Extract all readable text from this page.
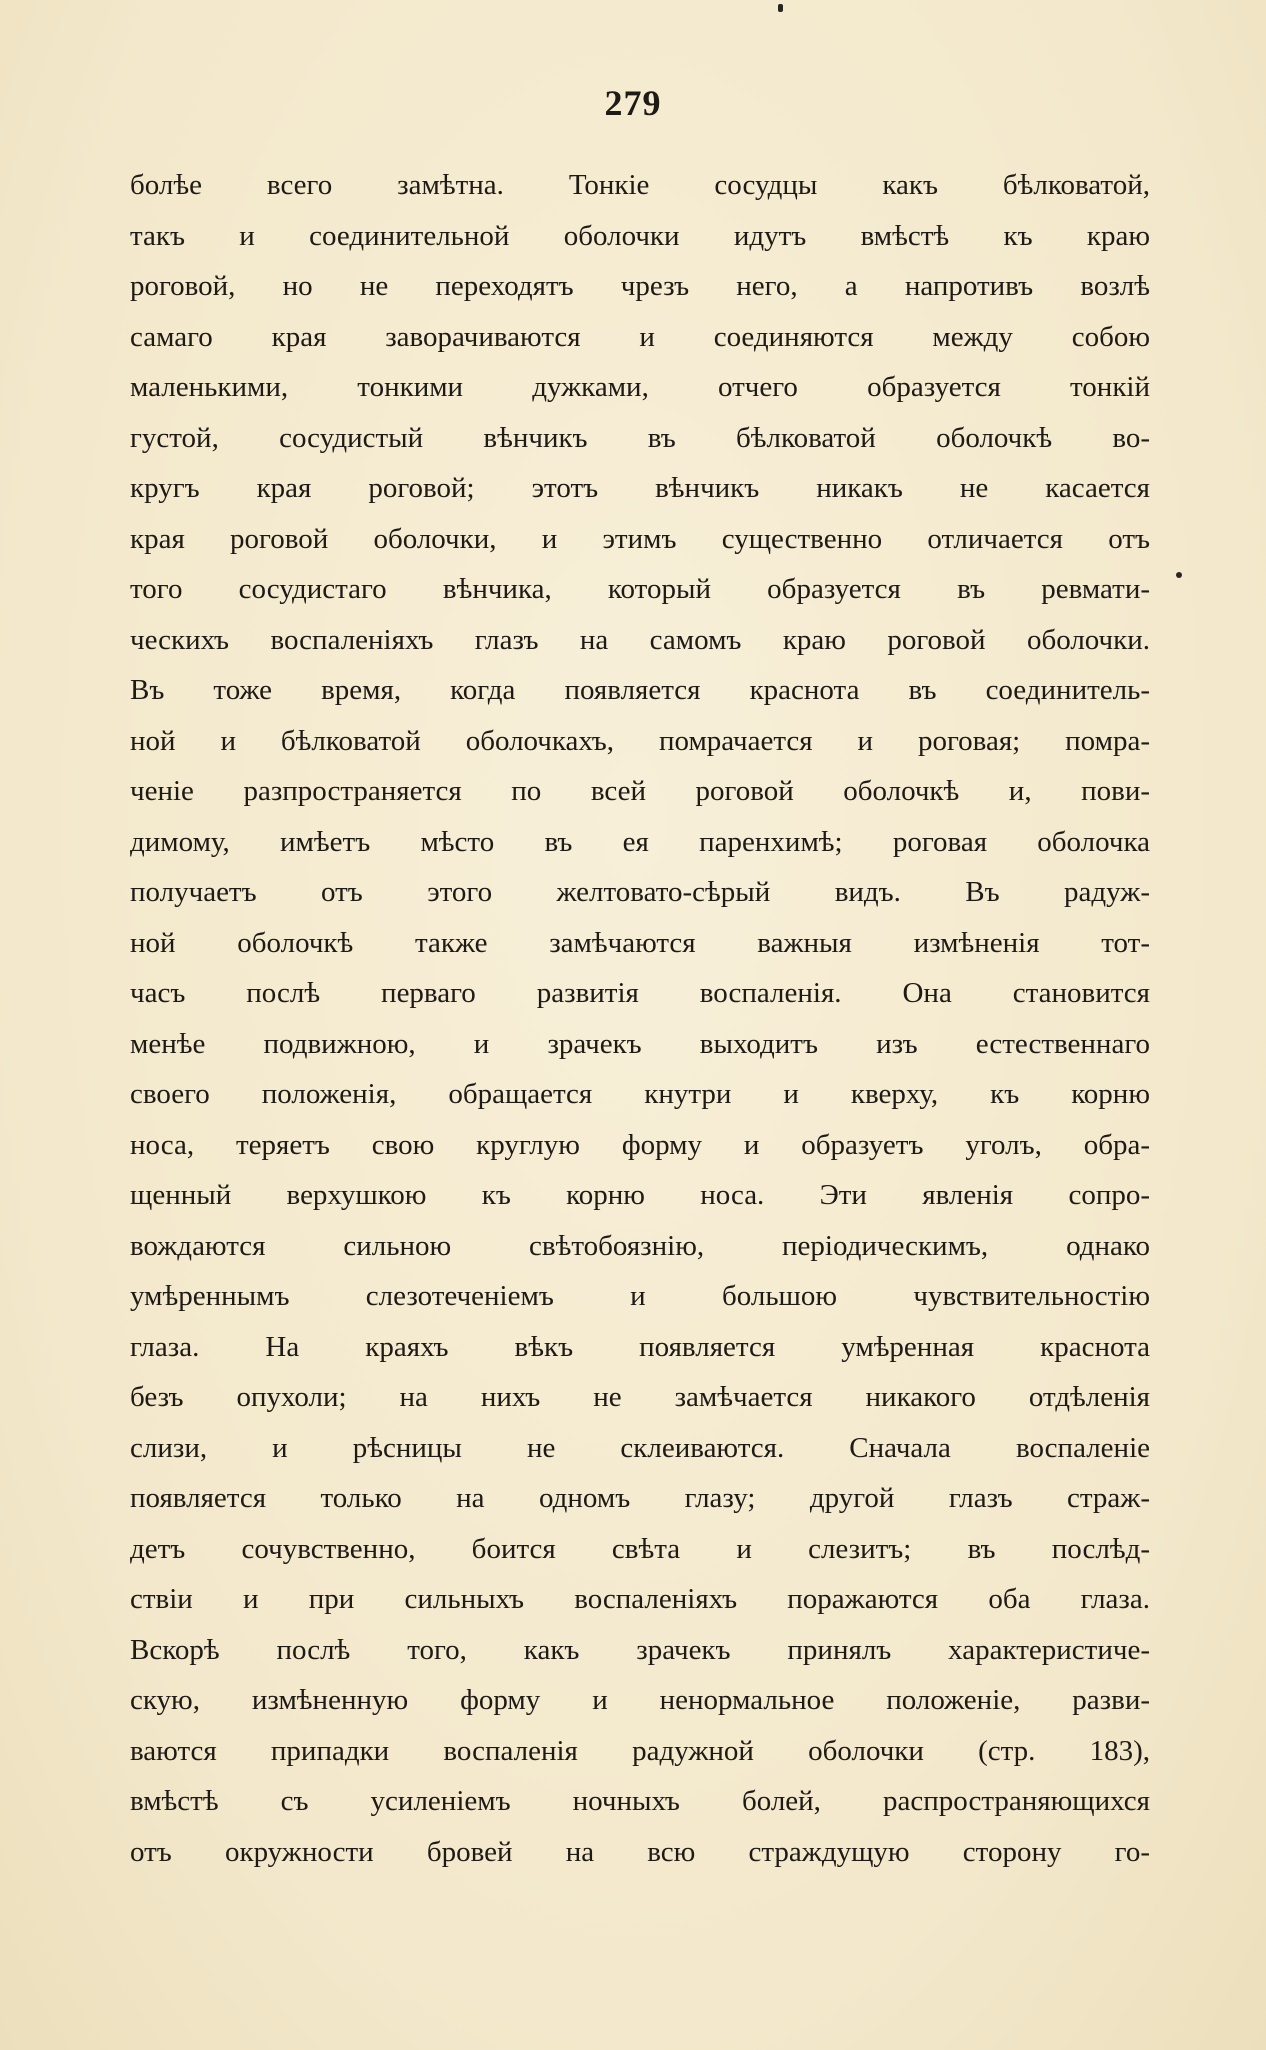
279
болѣе всего замѣтна. Тонкіе сосудцы какъ бѣлковатой,
такъ и соединительной оболочки идутъ вмѣстѣ къ краю
роговой, но не переходятъ чрезъ него, а напротивъ возлѣ
самаго края заворачиваются и соединяются между собою
маленькими, тонкими дужками, отчего образуется тонкій
густой, сосудистый вѣнчикъ въ бѣлковатой оболочкѣ во-
кругъ края роговой; этотъ вѣнчикъ никакъ не касается
края роговой оболочки, и этимъ существенно отличается отъ
того сосудистаго вѣнчика, который образуется въ ревмати-
ческихъ воспаленіяхъ глазъ на самомъ краю роговой оболочки.
Въ тоже время, когда появляется краснота въ соединитель-
ной и бѣлковатой оболочкахъ, помрачается и роговая; помра-
ченіе разпространяется по всей роговой оболочкѣ и, пови-
димому, имѣетъ мѣсто въ ея паренхимѣ; роговая оболочка
получаетъ отъ этого желтовато-сѣрый видъ. Въ радуж-
ной оболочкѣ также замѣчаются важныя измѣненія тот-
часъ послѣ перваго развитія воспаленія. Она становится
менѣе подвижною, и зрачекъ выходитъ изъ естественнаго
своего положенія, обращается кнутри и кверху, къ корню
носа, теряетъ свою круглую форму и образуетъ уголъ, обра-
щенный верхушкою къ корню носа. Эти явленія сопро-
вождаются сильною свѣтобоязнію, періодическимъ, однако
умѣреннымъ слезотеченіемъ и большою чувствительностію
глаза. На краяхъ вѣкъ появляется умѣренная краснота
безъ опухоли; на нихъ не замѣчается никакого отдѣленія
слизи, и рѣсницы не склеиваются. Сначала воспаленіе
появляется только на одномъ глазу; другой глазъ страж-
детъ сочувственно, боится свѣта и слезитъ; въ послѣд-
ствіи и при сильныхъ воспаленіяхъ поражаются оба глаза.
Вскорѣ послѣ того, какъ зрачекъ принялъ характеристиче-
скую, измѣненную форму и ненормальное положеніе, разви-
ваются припадки воспаленія радужной оболочки (стр. 183),
вмѣстѣ съ усиленіемъ ночныхъ болей, распространяющихся
отъ окружности бровей на всю страждущую сторону го-
